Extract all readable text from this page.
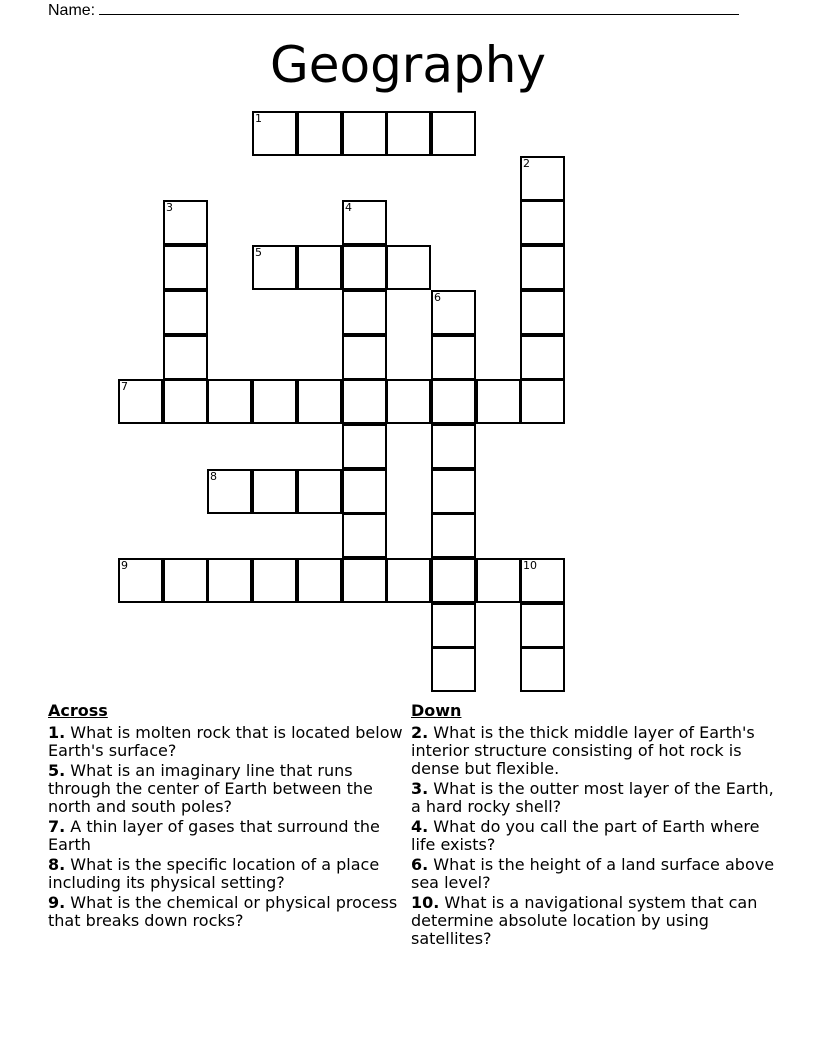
Name:
Geography
1
2
3	4
5
6
7
8
9	10
Across
1. What is molten rock that is located below Earth's surface?
5. What is an imaginary line that runs through the center of Earth between the north and south poles?
7. A thin layer of gases that surround the Earth
8. What is the specific location of a place including its physical setting?
9. What is the chemical or physical process that breaks down rocks?
Down
2. What is the thick middle layer of Earth's interior structure consisting of hot rock is dense but flexible.
3. What is the outter most layer of the Earth, a hard rocky shell?
4. What do you call the part of Earth where life exists?
6. What is the height of a land surface above sea level?
10. What is a navigational system that can determine absolute location by using satellites?
